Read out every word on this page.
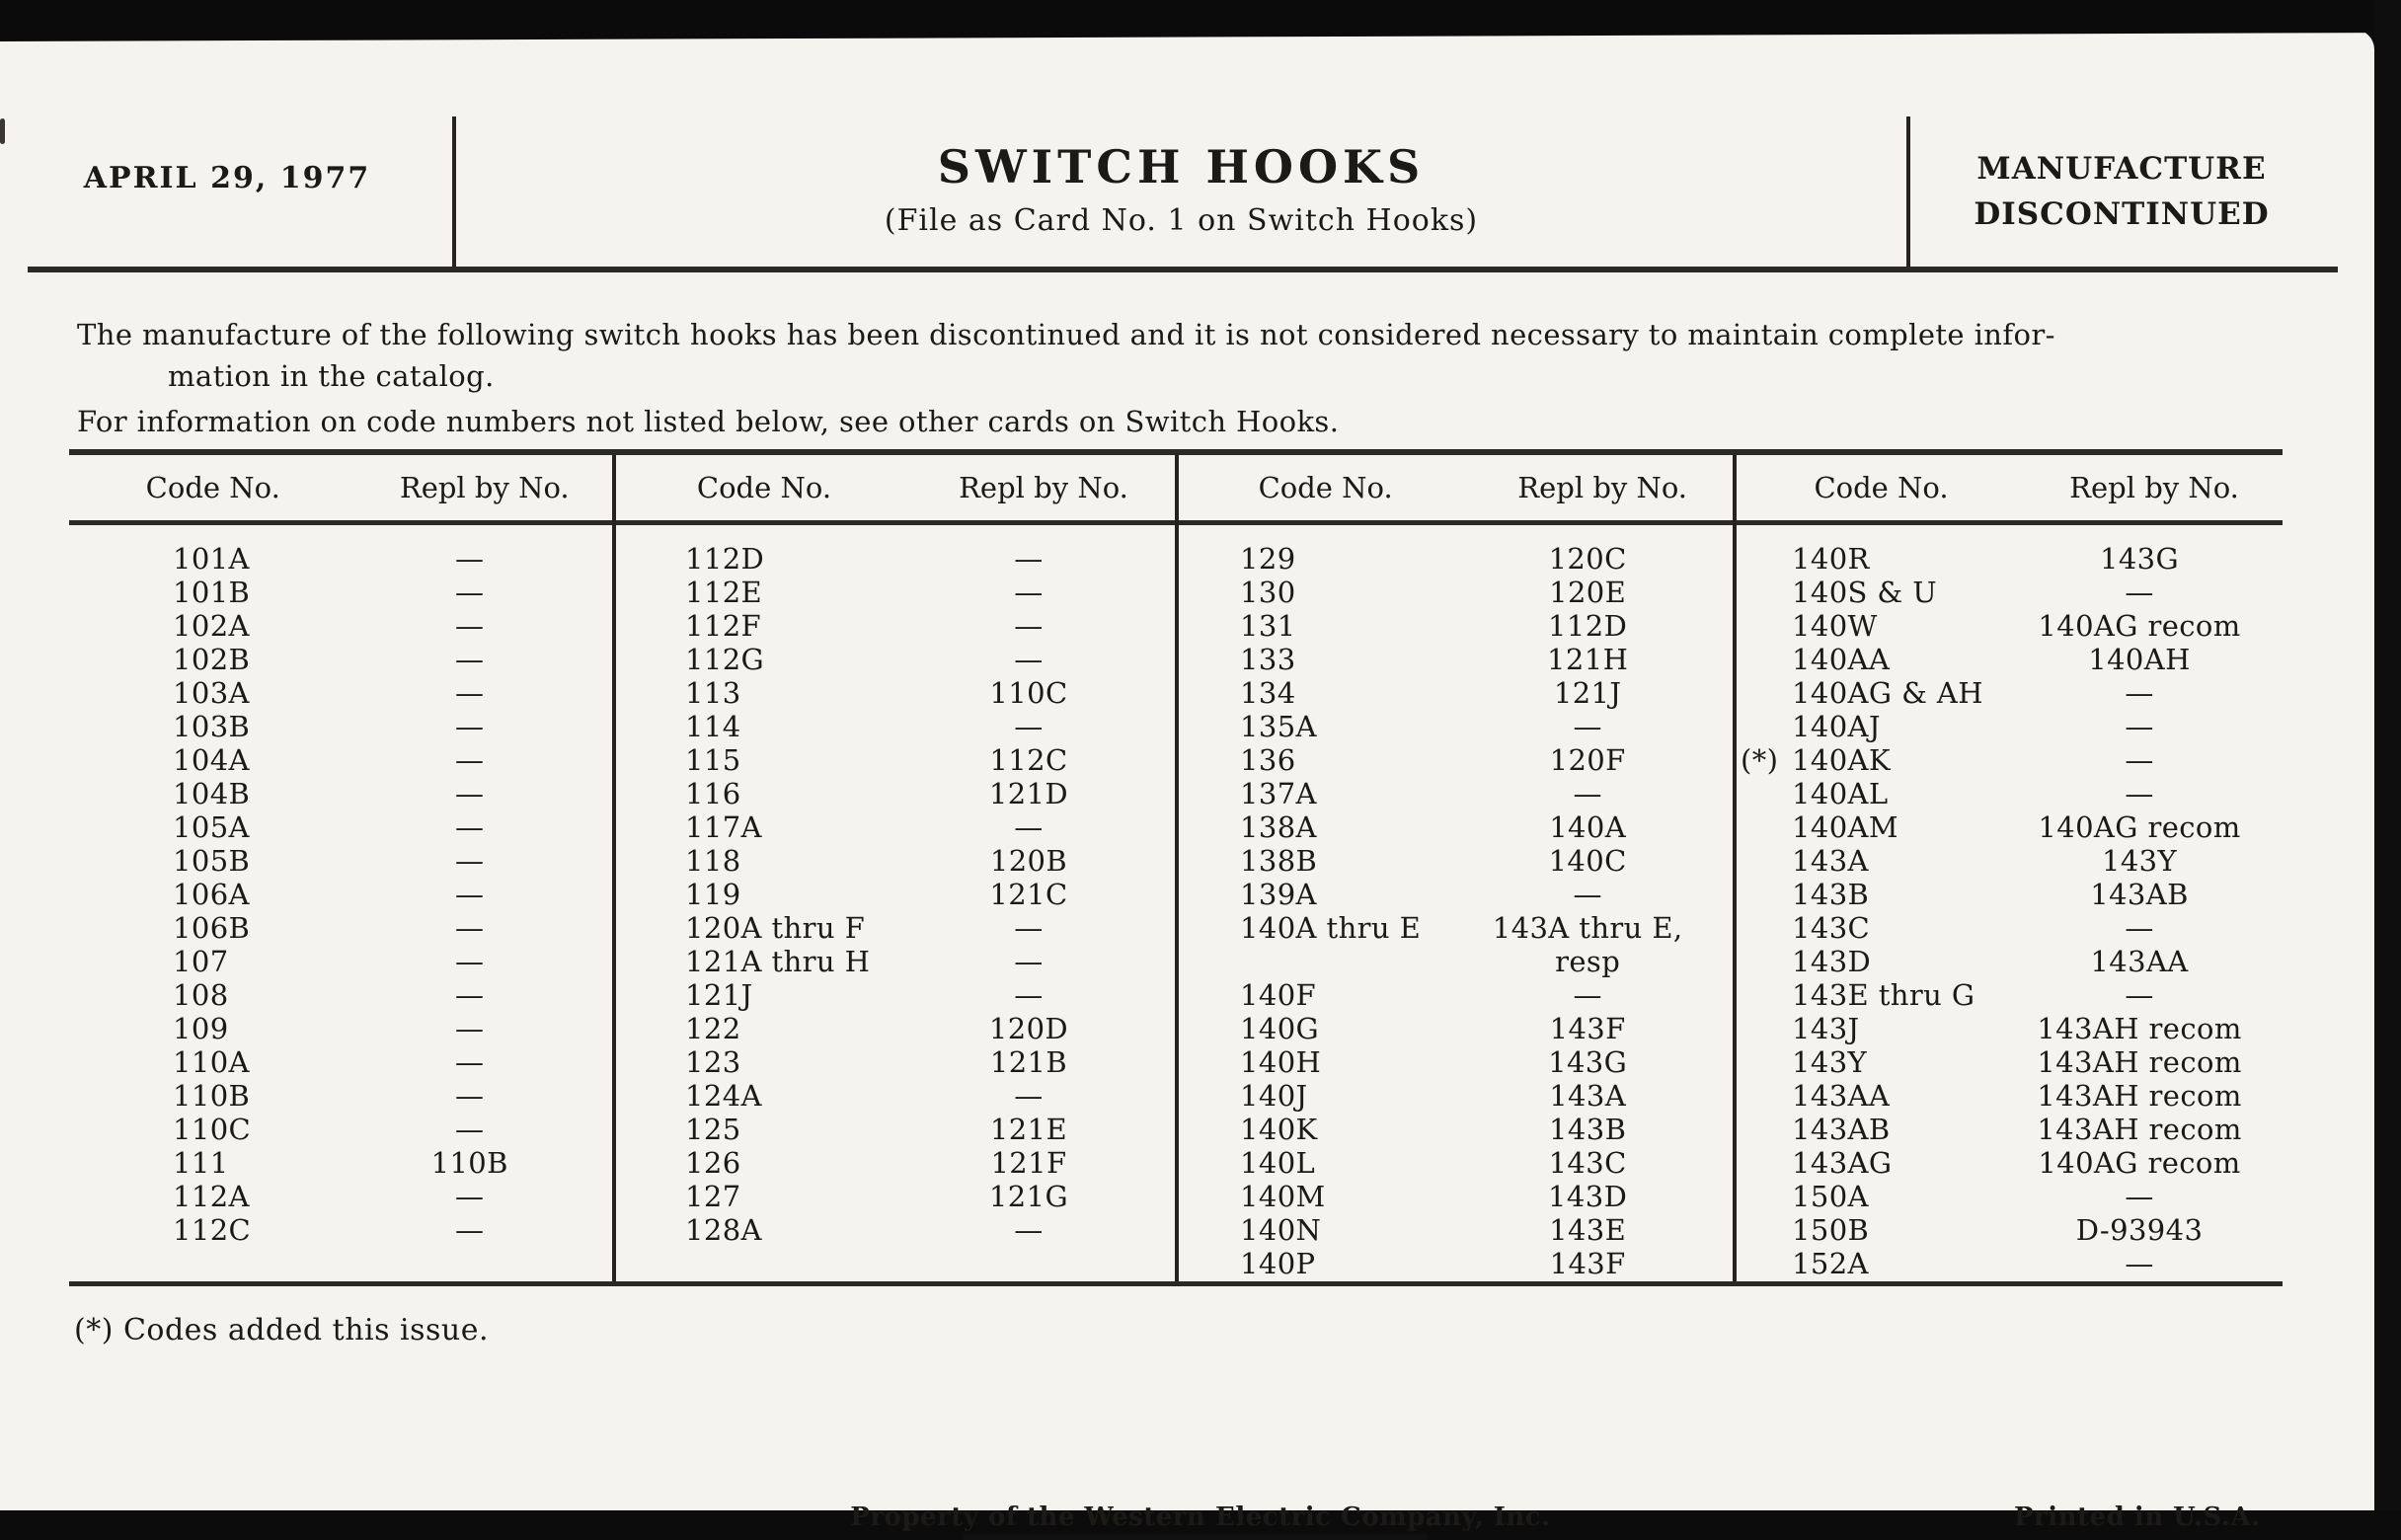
APRIL 29, 1977	SWITCH HOOKS
(File as Card No. 1 on Switch Hooks)
MANUFACTURE
DISCONTINUED
The manufacture of the following switch hooks has been discontinued and it is not considered necessary to maintain complete infor-
mation in the catalog.
For information on code numbers not listed below, see other cards on Switch Hooks.
Code No.	Repl by No.
101A	—
101B	—
102A	—
102B	—
103A	—
103B	—
104A	—
104B	—
105A	—
105B	—
106A	—
106B	—
107	—
108	—
109	—
110A	—
110B	—
110C	—
111	110B
112A	—
112C	—
Code No.	Repl by No.
112D	—
112E	—
112F	—
112G	—
113	110C
114	—
115	112C
116	121D
117A	—
118	120B
119	121C
120A thru F	—
121A thru H	—
121J	—
122	120D
123	121B
124A	—
125	121E
126	121F
127	121G
128A	—
Code No.	Repl by No.
129	120C
130	120E
131	112D
133	121H
134	121J
135A	—
136	120F
137A	—
138A	140A
138B	140C
139A	—
140A thru E	143A thru E,
resp
140F	—
140G	143F
140H	143G
140J	143A
140K	143B
140L	143C
140M	143D
140N	143E
140P	143F
Code No.	Repl by No.
140R	143G
140S & U	—
140W	140AG recom
140AA	140AH
140AG & AH	—
140AJ	—
(*) 140AK	—
140AL	—
140AM	140AG recom
143A	143Y
143B	143AB
143C	—
143D	143AA
143E thru G	—
143J	143AH recom
143Y	143AH recom
143AA	143AH recom
143AB	143AH recom
143AG	140AG recom
150A	—
150B	D-93943
152A	—
(*) Codes added this issue.
Property of the Western Electric Company, Inc.	Printed in U.S.A.
